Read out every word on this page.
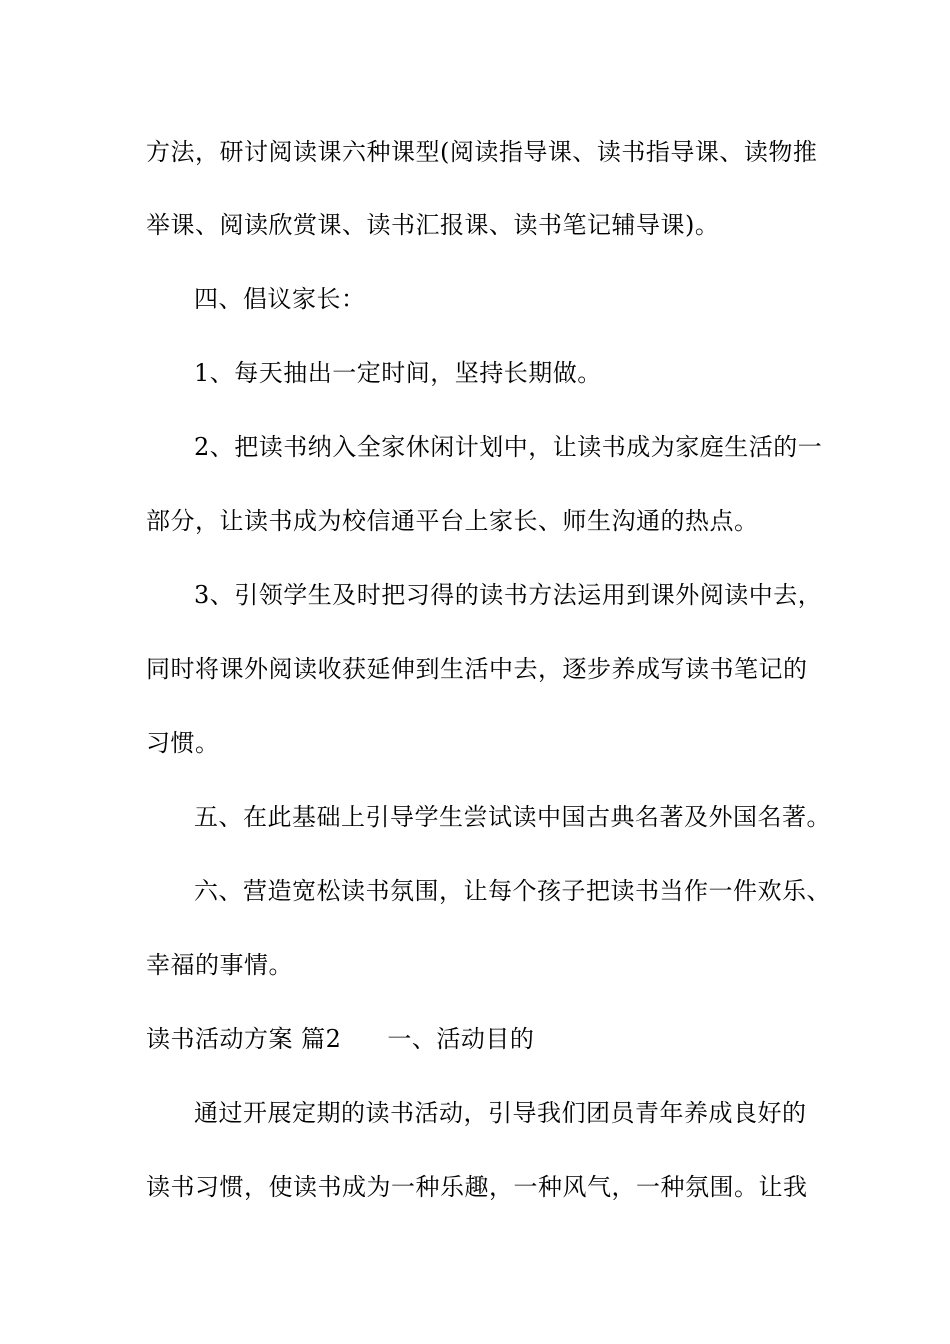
方法，研讨阅读课六种课型(阅读指导课、读书指导课、读物推
举课、阅读欣赏课、读书汇报课、读书笔记辅导课)。
四、倡议家长：
1、每天抽出一定时间，坚持长期做。
2、把读书纳入全家休闲计划中，让读书成为家庭生活的一
部分，让读书成为校信通平台上家长、师生沟通的热点。
3、引领学生及时把习得的读书方法运用到课外阅读中去，
同时将课外阅读收获延伸到生活中去，逐步养成写读书笔记的
习惯。
五、在此基础上引导学生尝试读中国古典名著及外国名著。
六、营造宽松读书氛围，让每个孩子把读书当作一件欢乐、
幸福的事情。
读书活动方案 篇2 一、活动目的
通过开展定期的读书活动，引导我们团员青年养成良好的
读书习惯，使读书成为一种乐趣，一种风气，一种氛围。让我
